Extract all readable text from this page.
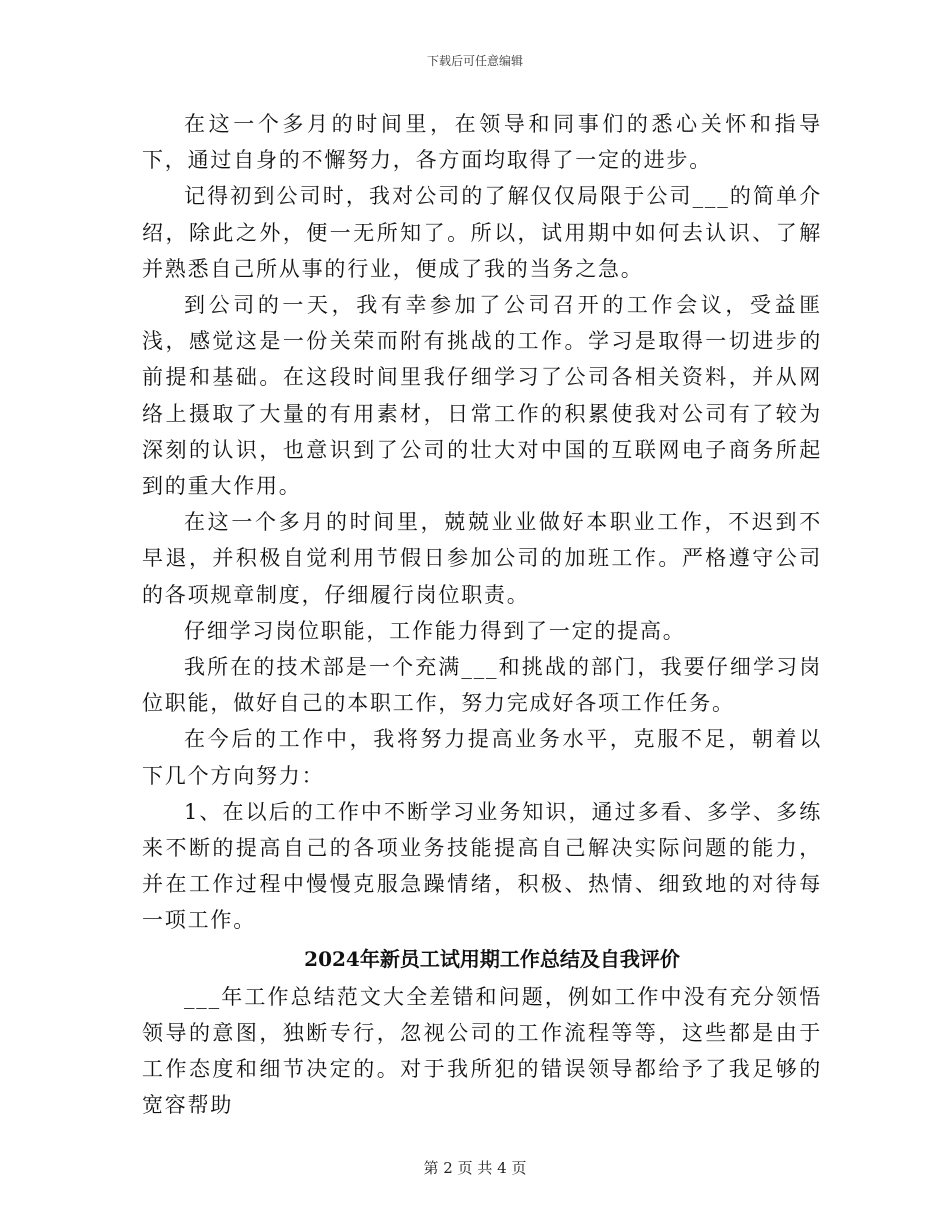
下载后可任意编辑

在这一个多月的时间里，在领导和同事们的悉心关怀和指导下，通过自身的不懈努力，各方面均取得了一定的进步。

记得初到公司时，我对公司的了解仅仅局限于公司___的简单介绍，除此之外，便一无所知了。所以，试用期中如何去认识、了解并熟悉自己所从事的行业，便成了我的当务之急。

到公司的一天，我有幸参加了公司召开的工作会议，受益匪浅，感觉这是一份关荣而附有挑战的工作。学习是取得一切进步的前提和基础。在这段时间里我仔细学习了公司各相关资料，并从网络上摄取了大量的有用素材，日常工作的积累使我对公司有了较为深刻的认识，也意识到了公司的壮大对中国的互联网电子商务所起到的重大作用。

在这一个多月的时间里，兢兢业业做好本职业工作，不迟到不早退，并积极自觉利用节假日参加公司的加班工作。严格遵守公司的各项规章制度，仔细履行岗位职责。

仔细学习岗位职能，工作能力得到了一定的提高。

我所在的技术部是一个充满___和挑战的部门，我要仔细学习岗位职能，做好自己的本职工作，努力完成好各项工作任务。

在今后的工作中，我将努力提高业务水平，克服不足，朝着以下几个方向努力：

1、在以后的工作中不断学习业务知识，通过多看、多学、多练来不断的提高自己的各项业务技能提高自己解决实际问题的能力，并在工作过程中慢慢克服急躁情绪，积极、热情、细致地的对待每一项工作。

2024年新员工试用期工作总结及自我评价

___年工作总结范文大全差错和问题，例如工作中没有充分领悟领导的意图，独断专行，忽视公司的工作流程等等，这些都是由于工作态度和细节决定的。对于我所犯的错误领导都给予了我足够的宽容帮助

第 2 页 共 4 页
